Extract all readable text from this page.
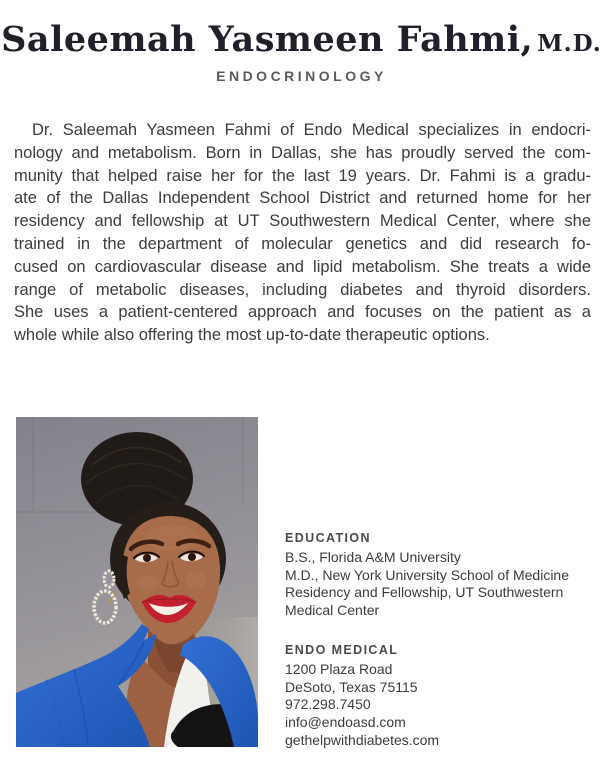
Saleemah Yasmeen Fahmi, M.D.
ENDOCRINOLOGY
Dr. Saleemah Yasmeen Fahmi of Endo Medical specializes in endocri-
nology and metabolism. Born in Dallas, she has proudly served the com-
munity that helped raise her for the last 19 years. Dr. Fahmi is a gradu-
ate of the Dallas Independent School District and returned home for her
residency and fellowship at UT Southwestern Medical Center, where she
trained in the department of molecular genetics and did research fo-
cused on cardiovascular disease and lipid metabolism. She treats a wide
range of metabolic diseases, including diabetes and thyroid disorders.
She uses a patient-centered approach and focuses on the patient as a
whole while also offering the most up-to-date therapeutic options.
EDUCATION
B.S., Florida A&M University
M.D., New York University School of Medicine
Residency and Fellowship, UT Southwestern
Medical Center
ENDO MEDICAL
1200 Plaza Road
DeSoto, Texas 75115
972.298.7450
info@endoasd.com
gethelpwithdiabetes.com
